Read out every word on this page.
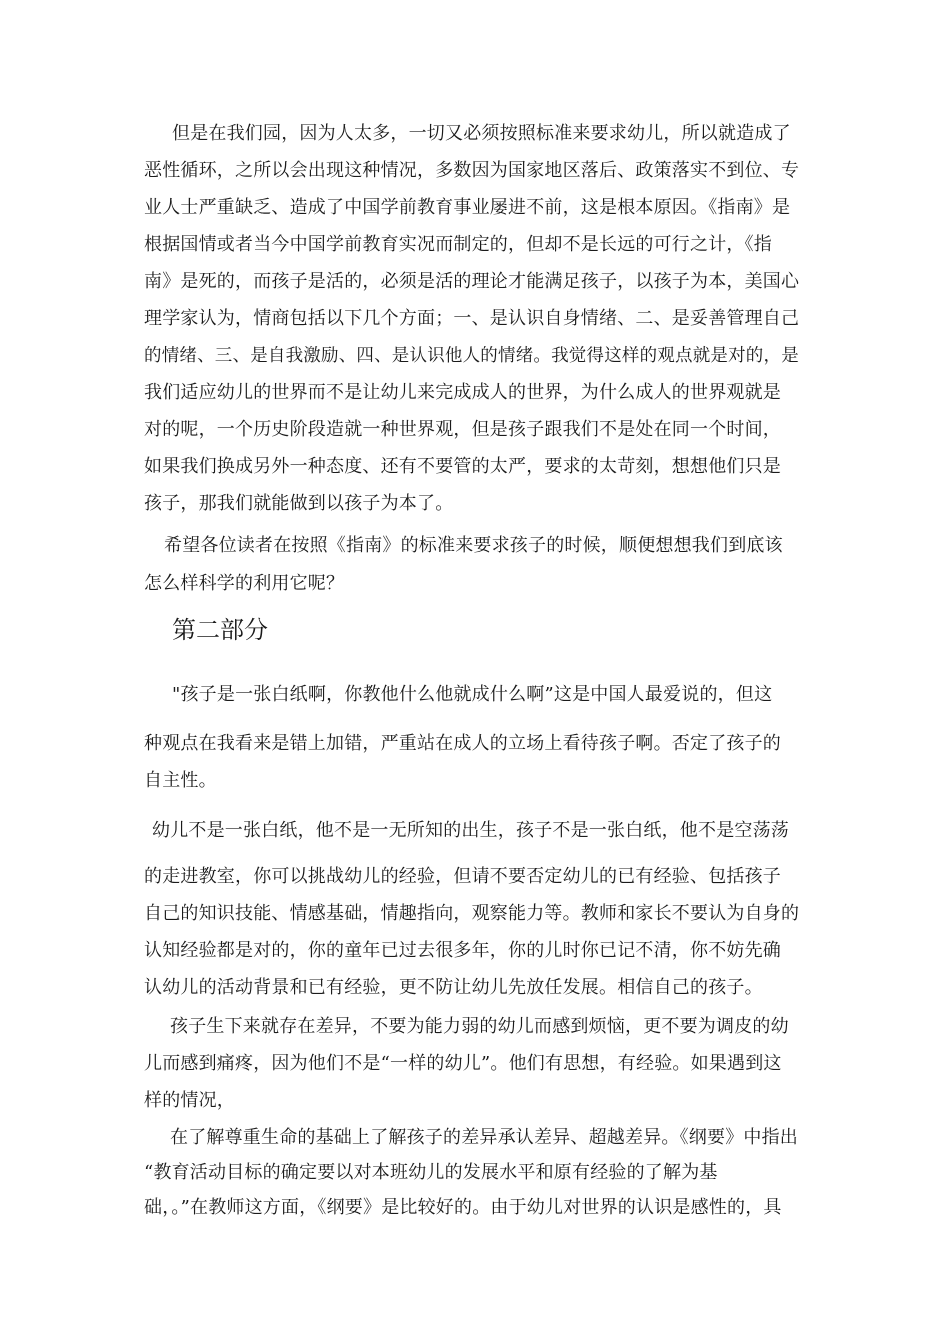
但是在我们园，因为人太多，一切又必须按照标准来要求幼儿，所以就造成了
恶性循环，之所以会出现这种情况，多数因为国家地区落后、政策落实不到位、专
业人士严重缺乏、造成了中国学前教育事业屡进不前，这是根本原因。《指南》是
根据国情或者当今中国学前教育实况而制定的，但却不是长远的可行之计，《指
南》是死的，而孩子是活的，必须是活的理论才能满足孩子，以孩子为本，美国心
理学家认为，情商包括以下几个方面；一、是认识自身情绪、二、是妥善管理自己
的情绪、三、是自我激励、四、是认识他人的情绪。我觉得这样的观点就是对的，是
我们适应幼儿的世界而不是让幼儿来完成成人的世界，为什么成人的世界观就是
对的呢，一个历史阶段造就一种世界观，但是孩子跟我们不是处在同一个时间，
如果我们换成另外一种态度、还有不要管的太严，要求的太苛刻，想想他们只是
孩子，那我们就能做到以孩子为本了。
希望各位读者在按照《指南》的标准来要求孩子的时候，顺便想想我们到底该
怎么样科学的利用它呢？
第二部分
"孩子是一张白纸啊，你教他什么他就成什么啊”这是中国人最爱说的，但这
种观点在我看来是错上加错，严重站在成人的立场上看待孩子啊。否定了孩子的
自主性。
幼儿不是一张白纸，他不是一无所知的出生，孩子不是一张白纸，他不是空荡荡
的走进教室，你可以挑战幼儿的经验，但请不要否定幼儿的已有经验、包括孩子
自己的知识技能、情感基础，情趣指向，观察能力等。教师和家长不要认为自身的
认知经验都是对的，你的童年已过去很多年，你的儿时你已记不清，你不妨先确
认幼儿的活动背景和已有经验，更不防让幼儿先放任发展。相信自己的孩子。
孩子生下来就存在差异，不要为能力弱的幼儿而感到烦恼，更不要为调皮的幼
儿而感到痛疼，因为他们不是“一样的幼儿”。他们有思想，有经验。如果遇到这
样的情况，
在了解尊重生命的基础上了解孩子的差异承认差异、超越差异。《纲要》中指出
“教育活动目标的确定要以对本班幼儿的发展水平和原有经验的了解为基
础，。”在教师这方面，《纲要》是比较好的。由于幼儿对世界的认识是感性的，具
